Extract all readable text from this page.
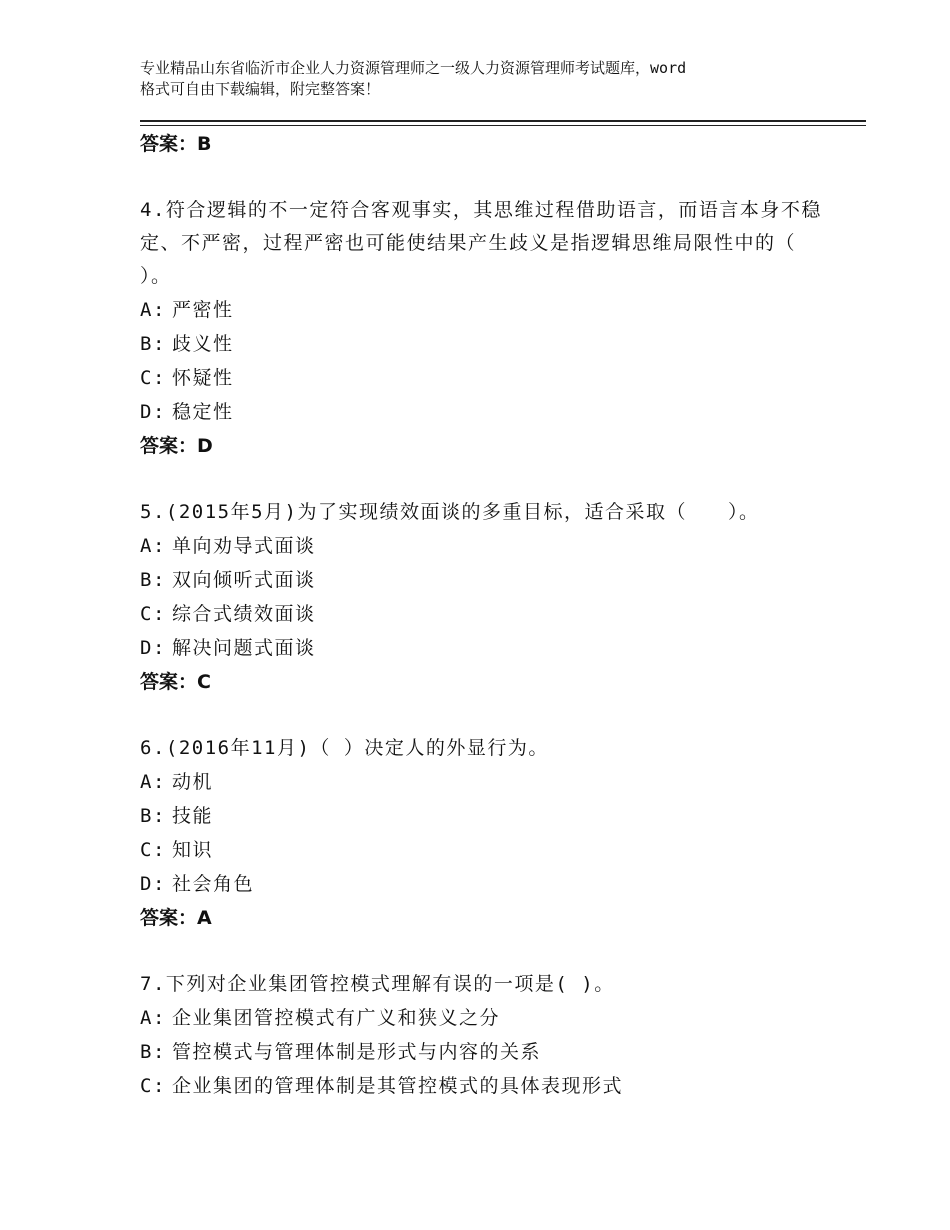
专业精品山东省临沂市企业人力资源管理师之一级人力资源管理师考试题库，word
格式可自由下载编辑，附完整答案！
答案：B
4.符合逻辑的不一定符合客观事实，其思维过程借助语言，而语言本身不稳定、不严密，过程严密也可能使结果产生歧义是指逻辑思维局限性中的（ ）。
A: 严密性
B: 歧义性
C: 怀疑性
D: 稳定性
答案：D
5.(2015年5月)为了实现绩效面谈的多重目标，适合采取（　　）。
A: 单向劝导式面谈
B: 双向倾听式面谈
C: 综合式绩效面谈
D: 解决问题式面谈
答案：C
6.(2016年11月)（ ）决定人的外显行为。
A: 动机
B: 技能
C: 知识
D: 社会角色
答案：A
7.下列对企业集团管控模式理解有误的一项是( )。
A: 企业集团管控模式有广义和狭义之分
B: 管控模式与管理体制是形式与内容的关系
C: 企业集团的管理体制是其管控模式的具体表现形式
